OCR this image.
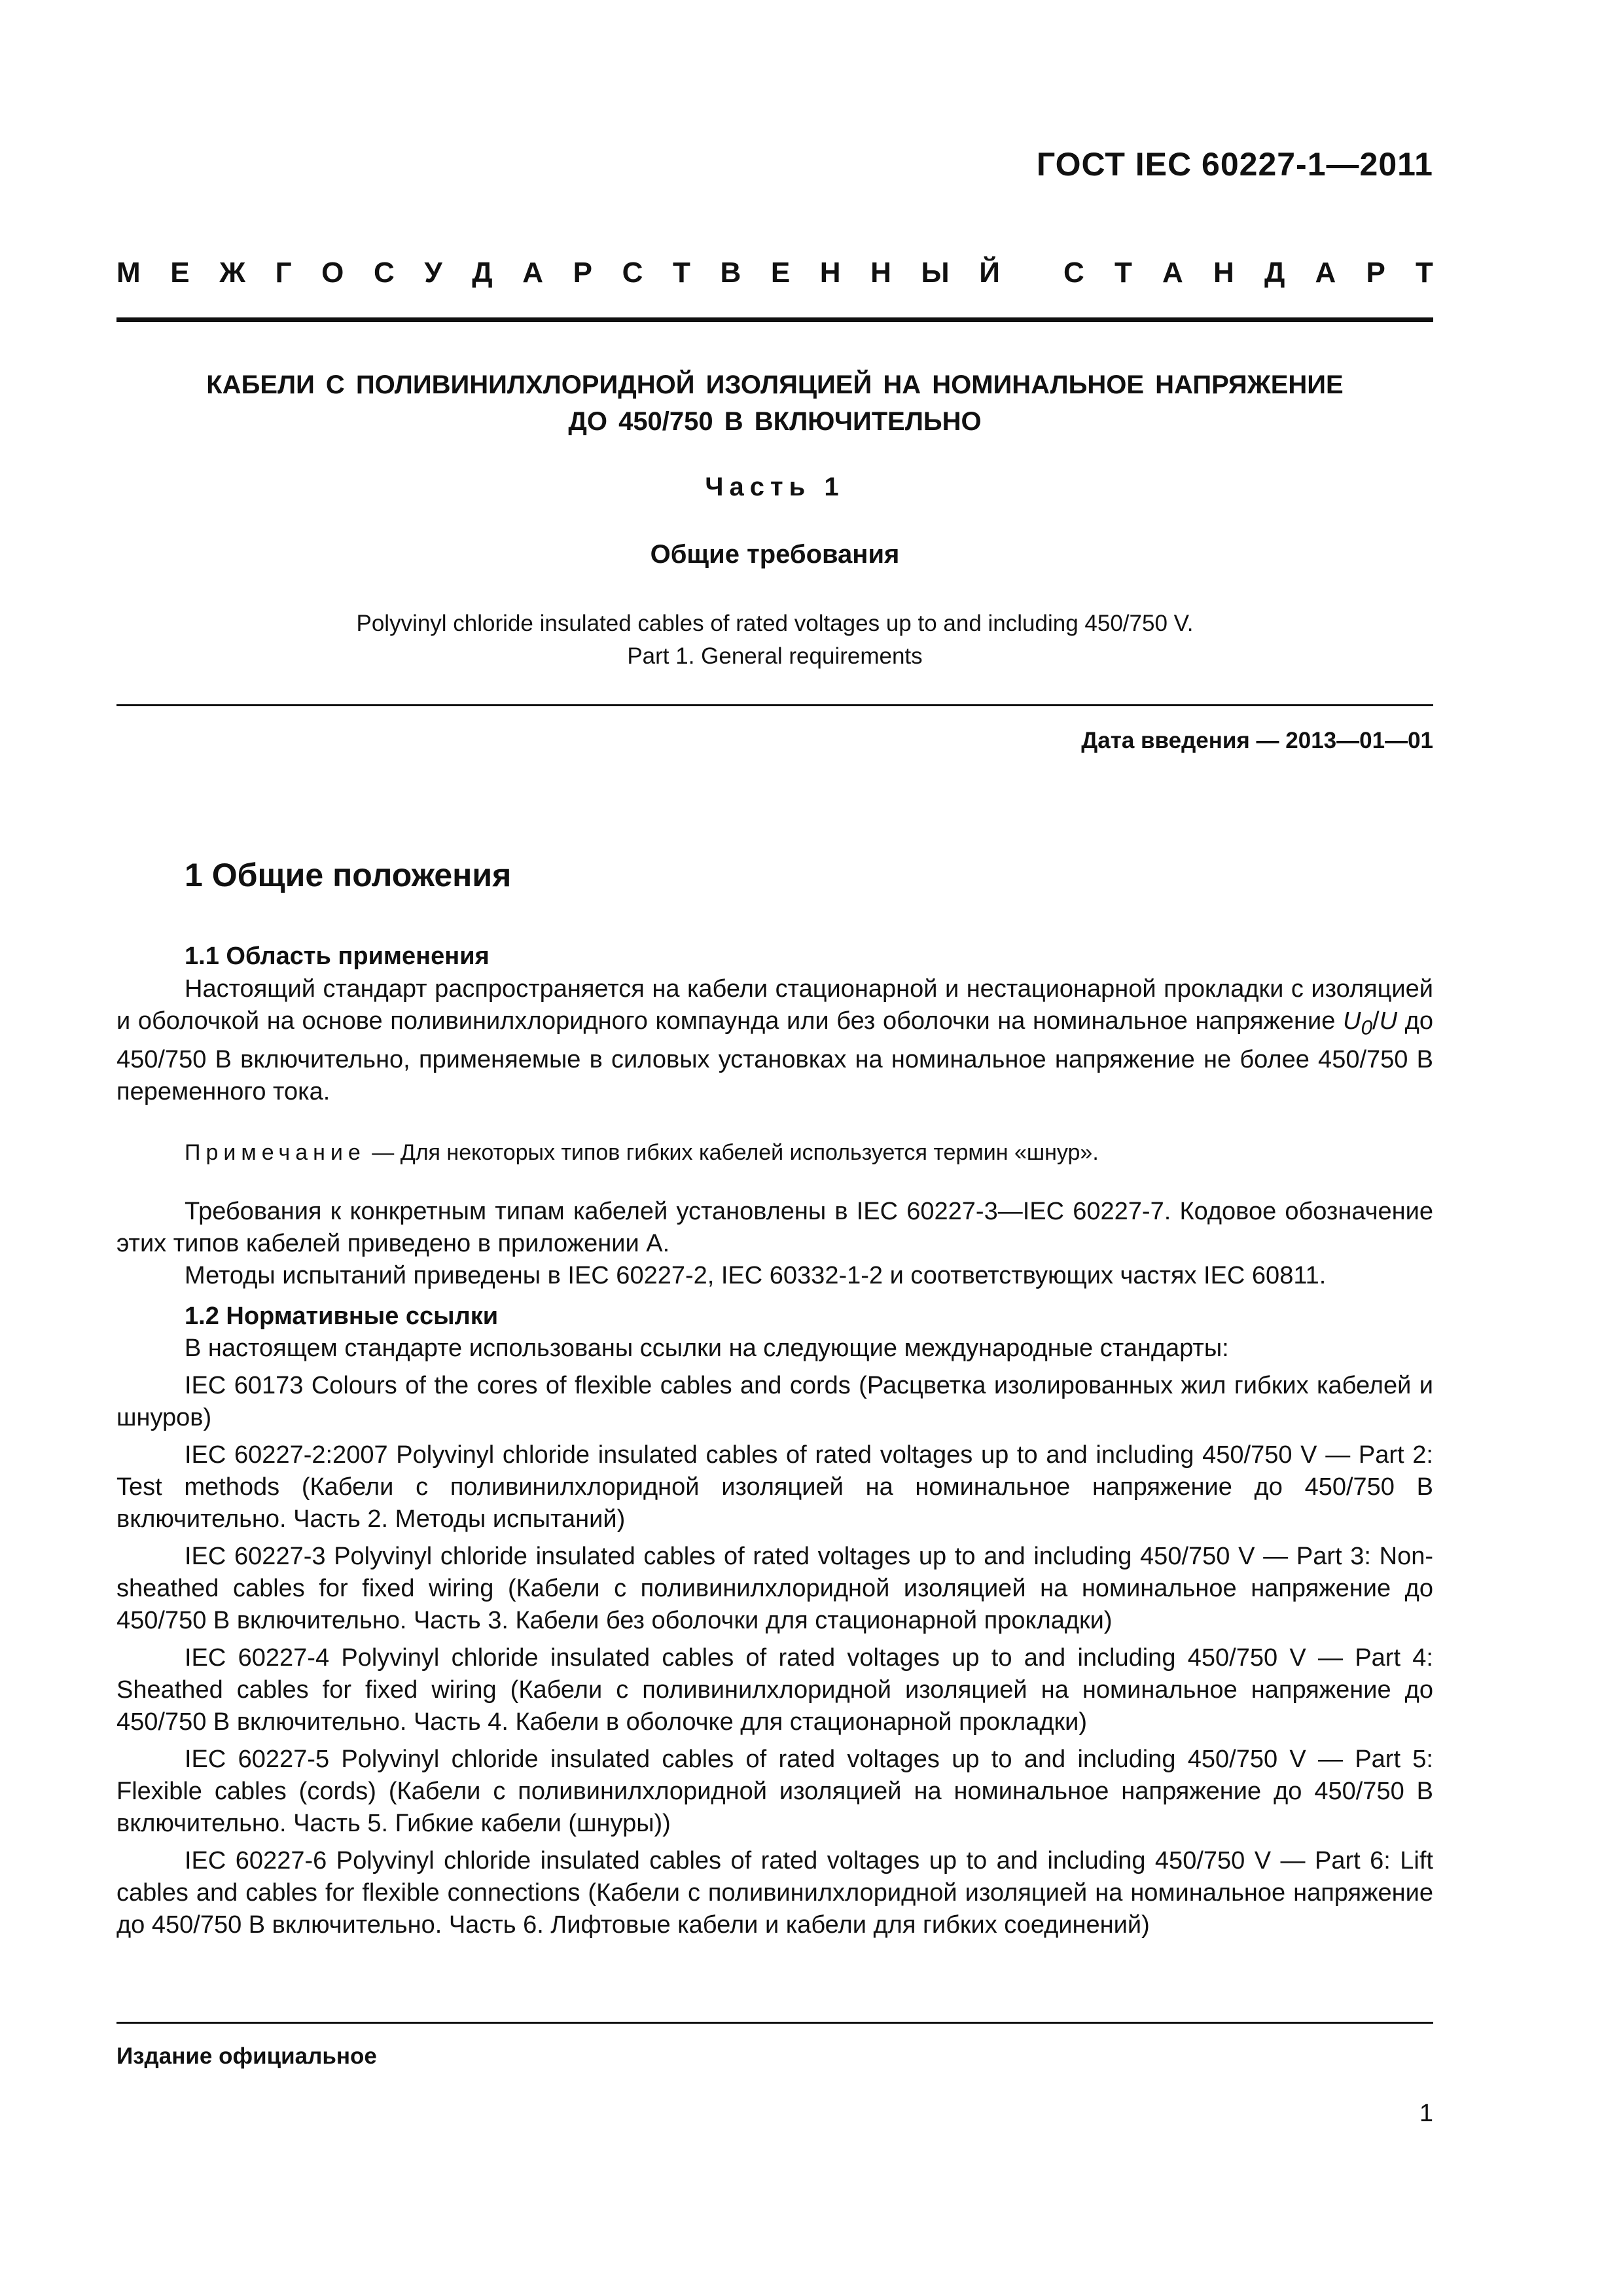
ГОСТ IEC 60227-1—2011
М Е Ж Г О С У Д А Р С Т В Е Н Н Ы Й С Т А Н Д А Р Т
КАБЕЛИ С ПОЛИВИНИЛХЛОРИДНОЙ ИЗОЛЯЦИЕЙ НА НОМИНАЛЬНОЕ НАПРЯЖЕНИЕ
ДО 450/750 В ВКЛЮЧИТЕЛЬНО
Часть 1
Общие требования
Polyvinyl chloride insulated cables of rated voltages up to and including 450/750 V.
Part 1. General requirements
Дата введения — 2013—01—01
1 Общие положения
1.1 Область применения

Настоящий стандарт распространяется на кабели стационарной и нестационарной прокладки с изоляцией и оболочкой на основе поливинилхлоридного компаунда или без оболочки на номинальное напряжение $U_0/U$ до 450/750 В включительно, применяемые в силовых установках на номинальное напряжение не более 450/750 В переменного тока.

Примечание — Для некоторых типов гибких кабелей используется термин «шнур».

Требования к конкретным типам кабелей установлены в IEC 60227-3—IEC 60227-7. Кодовое обозначение этих типов кабелей приведено в приложении А.

Методы испытаний приведены в IEC 60227-2, IEC 60332-1-2 и соответствующих частях IEC 60811.

1.2 Нормативные ссылки

В настоящем стандарте использованы ссылки на следующие международные стандарты:

IEC 60173 Colours of the cores of flexible cables and cords (Расцветка изолированных жил гибких кабелей и шнуров)

IEC 60227-2:2007 Polyvinyl chloride insulated cables of rated voltages up to and including 450/750 V — Part 2: Test methods (Кабели с поливинилхлоридной изоляцией на номинальное напряжение до 450/750 В включительно. Часть 2. Методы испытаний)

IEC 60227-3 Polyvinyl chloride insulated cables of rated voltages up to and including 450/750 V — Part 3: Non-sheathed cables for fixed wiring (Кабели с поливинилхлоридной изоляцией на номинальное напряжение до 450/750 В включительно. Часть 3. Кабели без оболочки для стационарной прокладки)

IEC 60227-4 Polyvinyl chloride insulated cables of rated voltages up to and including 450/750 V — Part 4: Sheathed cables for fixed wiring (Кабели с поливинилхлоридной изоляцией на номинальное напряжение до 450/750 В включительно. Часть 4. Кабели в оболочке для стационарной прокладки)

IEC 60227-5 Polyvinyl chloride insulated cables of rated voltages up to and including 450/750 V — Part 5: Flexible cables (cords) (Кабели с поливинилхлоридной изоляцией на номинальное напряжение до 450/750 В включительно. Часть 5. Гибкие кабели (шнуры))

IEC 60227-6 Polyvinyl chloride insulated cables of rated voltages up to and including 450/750 V — Part 6: Lift cables and cables for flexible connections (Кабели с поливинилхлоридной изоляцией на номинальное напряжение до 450/750 В включительно. Часть 6. Лифтовые кабели и кабели для гибких соединений)

Издание официальное
1
